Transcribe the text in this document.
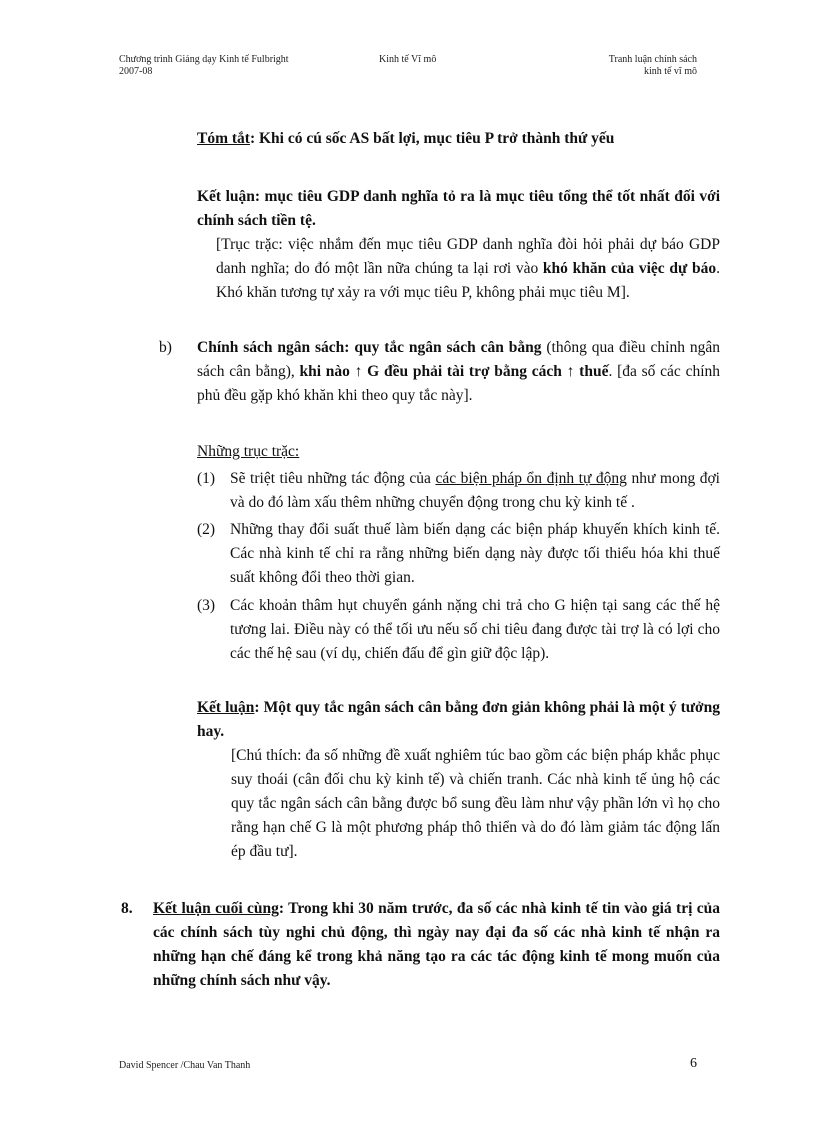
Chương trình Giảng dạy Kinh tế Fulbright
2007-08
Kinh tế Vĩ mô	Tranh luận chính sách
kinh tế vĩ mô
Tóm tắt: Khi có cú sốc AS bất lợi, mục tiêu P trở thành thứ yếu
Kết luận: mục tiêu GDP danh nghĩa tỏ ra là mục tiêu tổng thể tốt nhất đối với chính sách tiền tệ.
[Trục trặc: việc nhắm đến mục tiêu GDP danh nghĩa đòi hỏi phải dự báo GDP danh nghĩa; do đó một lần nữa chúng ta lại rơi vào khó khăn của việc dự báo. Khó khăn tương tự xảy ra với mục tiêu P, không phải mục tiêu M].
b) Chính sách ngân sách: quy tắc ngân sách cân bằng (thông qua điều chỉnh ngân sách cân bằng), khi nào ↑ G đều phải tài trợ bằng cách ↑ thuế. [đa số các chính phủ đều gặp khó khăn khi theo quy tắc này].
Những trục trặc:
(1) Sẽ triệt tiêu những tác động của các biện pháp ổn định tự động như mong đợi và do đó làm xấu thêm những chuyển động trong chu kỳ kinh tế .
(2) Những thay đổi suất thuế làm biến dạng các biện pháp khuyến khích kinh tế. Các nhà kinh tế chỉ ra rằng những biến dạng này được tối thiểu hóa khi thuế suất không đổi theo thời gian.
(3) Các khoản thâm hụt chuyển gánh nặng chi trả cho G hiện tại sang các thế hệ tương lai. Điều này có thể tối ưu nếu số chi tiêu đang được tài trợ là có lợi cho các thế hệ sau (ví dụ, chiến đấu để gìn giữ độc lập).
Kết luận: Một quy tắc ngân sách cân bằng đơn giản không phải là một ý tưởng hay.
[Chú thích: đa số những đề xuất nghiêm túc bao gồm các biện pháp khắc phục suy thoái (cân đối chu kỳ kinh tế) và chiến tranh. Các nhà kinh tế ủng hộ các quy tắc ngân sách cân bằng được bổ sung đều làm như vậy phần lớn vì họ cho rằng hạn chế G là một phương pháp thô thiển và do đó làm giảm tác động lấn ép đầu tư].
8. Kết luận cuối cùng: Trong khi 30 năm trước, đa số các nhà kinh tế tin vào giá trị của các chính sách tùy nghi chủ động, thì ngày nay đại đa số các nhà kinh tế nhận ra những hạn chế đáng kể trong khả năng tạo ra các tác động kinh tế mong muốn của những chính sách như vậy.
David Spencer /Chau Van Thanh	6
